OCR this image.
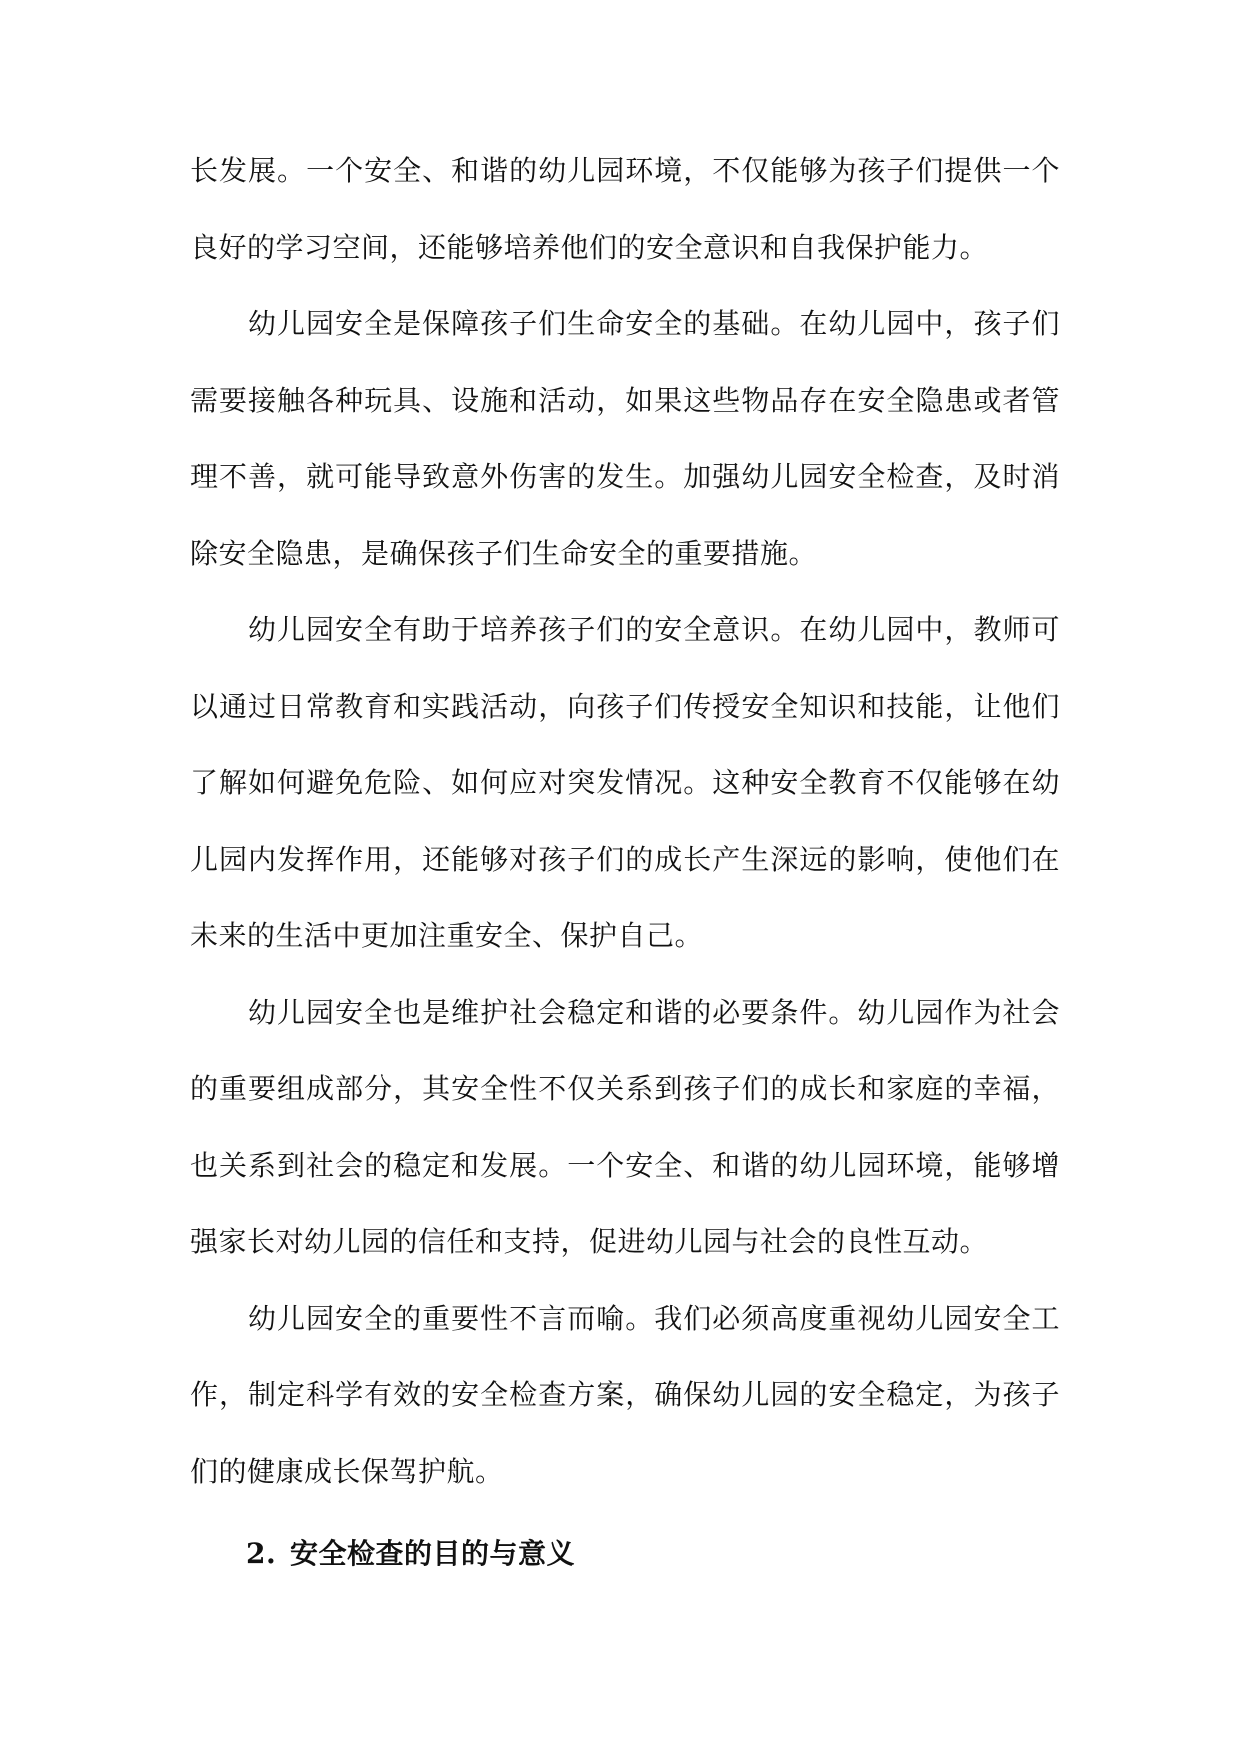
长发展。一个安全、和谐的幼儿园环境，不仅能够为孩子们提供一个良好的学习空间，还能够培养他们的安全意识和自我保护能力。

幼儿园安全是保障孩子们生命安全的基础。在幼儿园中，孩子们需要接触各种玩具、设施和活动，如果这些物品存在安全隐患或者管理不善，就可能导致意外伤害的发生。加强幼儿园安全检查，及时消除安全隐患，是确保孩子们生命安全的重要措施。

幼儿园安全有助于培养孩子们的安全意识。在幼儿园中，教师可以通过日常教育和实践活动，向孩子们传授安全知识和技能，让他们了解如何避免危险、如何应对突发情况。这种安全教育不仅能够在幼儿园内发挥作用，还能够对孩子们的成长产生深远的影响，使他们在未来的生活中更加注重安全、保护自己。

幼儿园安全也是维护社会稳定和谐的必要条件。幼儿园作为社会的重要组成部分，其安全性不仅关系到孩子们的成长和家庭的幸福，也关系到社会的稳定和发展。一个安全、和谐的幼儿园环境，能够增强家长对幼儿园的信任和支持，促进幼儿园与社会的良性互动。

幼儿园安全的重要性不言而喻。我们必须高度重视幼儿园安全工作，制定科学有效的安全检查方案，确保幼儿园的安全稳定，为孩子们的健康成长保驾护航。

2. 安全检查的目的与意义
